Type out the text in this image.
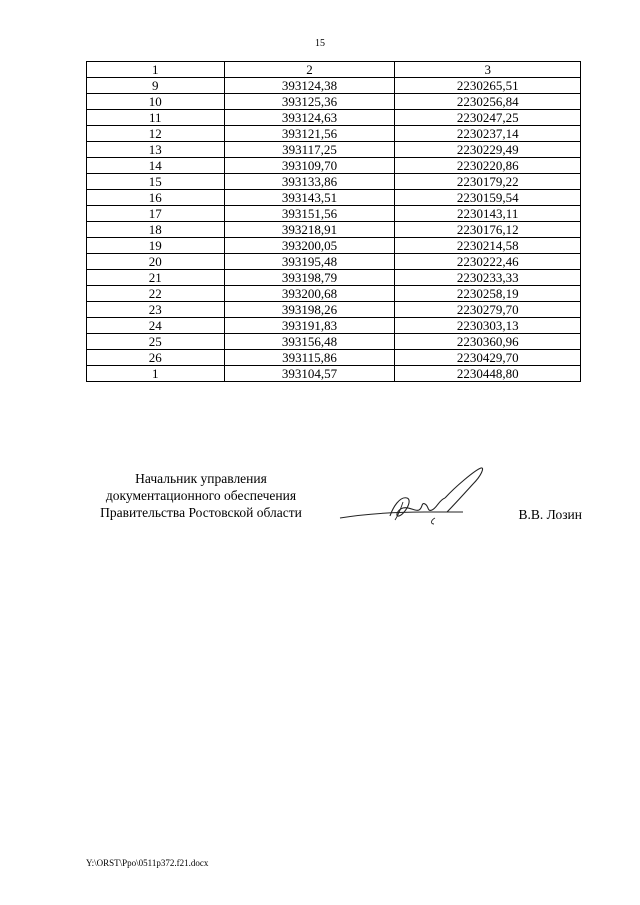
15
1	2	3
9	393124,38	2230265,51
10	393125,36	2230256,84
11	393124,63	2230247,25
12	393121,56	2230237,14
13	393117,25	2230229,49
14	393109,70	2230220,86
15	393133,86	2230179,22
16	393143,51	2230159,54
17	393151,56	2230143,11
18	393218,91	2230176,12
19	393200,05	2230214,58
20	393195,48	2230222,46
21	393198,79	2230233,33
22	393200,68	2230258,19
23	393198,26	2230279,70
24	393191,83	2230303,13
25	393156,48	2230360,96
26	393115,86	2230429,70
1	393104,57	2230448,80
Начальник управления
документационного обеспечения
Правительства Ростовской области	В.В. Лозин
Y:\ORST\Ppo\0511p372.f21.docx
